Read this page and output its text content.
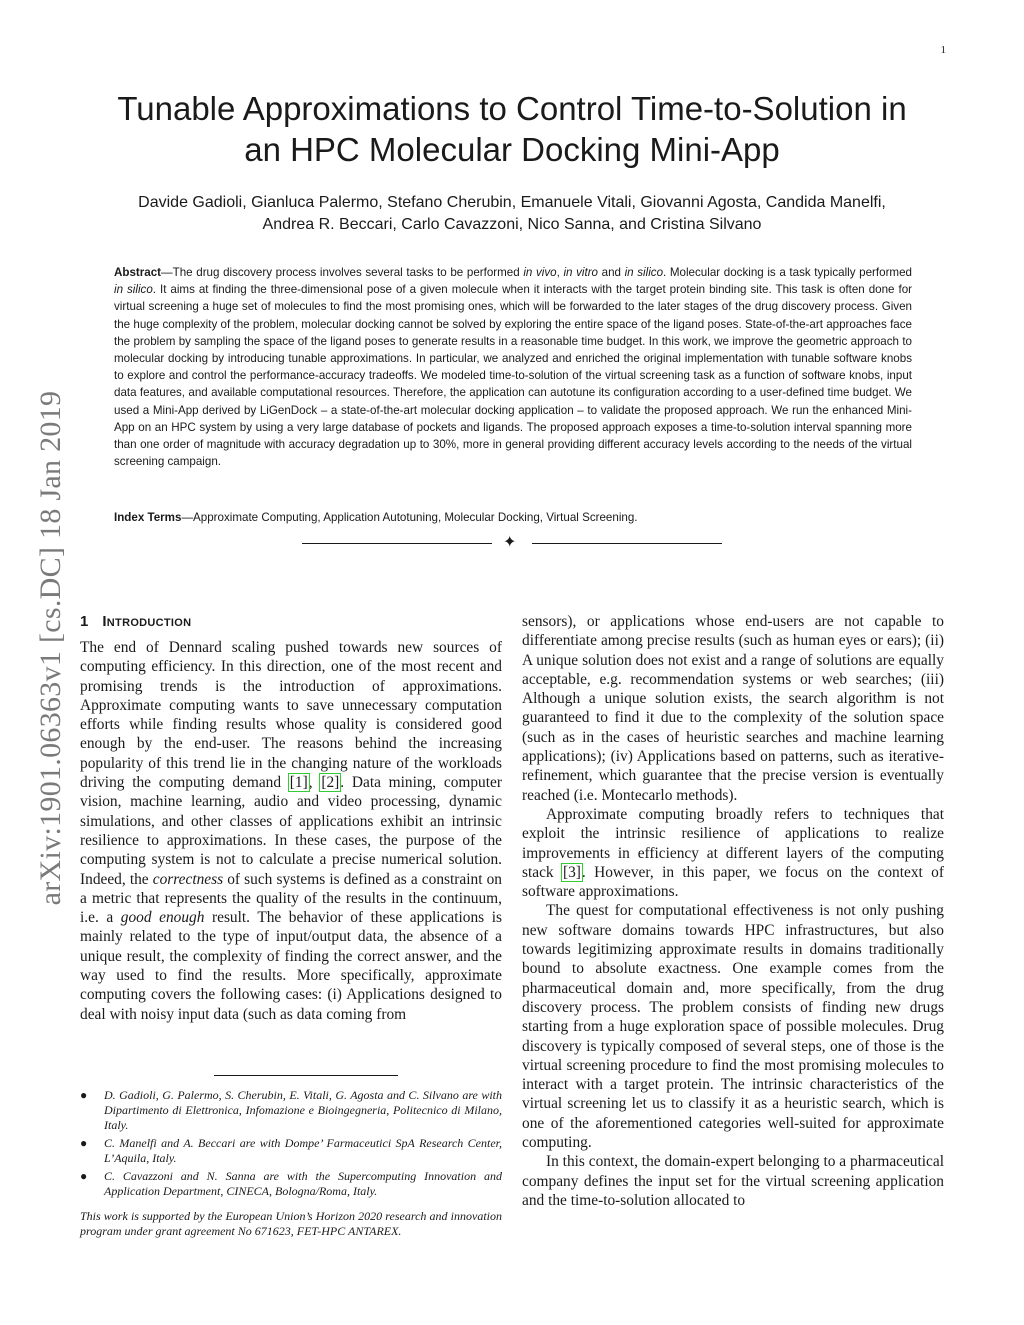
1
arXiv:1901.06363v1 [cs.DC] 18 Jan 2019
Tunable Approximations to Control Time-to-Solution in
an HPC Molecular Docking Mini-App
Davide Gadioli, Gianluca Palermo, Stefano Cherubin, Emanuele Vitali, Giovanni Agosta, Candida Manelfi,
Andrea R. Beccari, Carlo Cavazzoni, Nico Sanna, and Cristina Silvano
Abstract—The drug discovery process involves several tasks to be performed in vivo, in vitro and in silico. Molecular docking is a task typically performed in silico. It aims at finding the three-dimensional pose of a given molecule when it interacts with the target protein binding site. This task is often done for virtual screening a huge set of molecules to find the most promising ones, which will be forwarded to the later stages of the drug discovery process. Given the huge complexity of the problem, molecular docking cannot be solved by exploring the entire space of the ligand poses. State-of-the-art approaches face the problem by sampling the space of the ligand poses to generate results in a reasonable time budget. In this work, we improve the geometric approach to molecular docking by introducing tunable approximations. In particular, we analyzed and enriched the original implementation with tunable software knobs to explore and control the performance-accuracy tradeoffs. We modeled time-to-solution of the virtual screening task as a function of software knobs, input data features, and available computational resources. Therefore, the application can autotune its configuration according to a user-defined time budget. We used a Mini-App derived by LiGenDock – a state-of-the-art molecular docking application – to validate the proposed approach. We run the enhanced Mini-App on an HPC system by using a very large database of pockets and ligands. The proposed approach exposes a time-to-solution interval spanning more than one order of magnitude with accuracy degradation up to 30%, more in general providing different accuracy levels according to the needs of the virtual screening campaign.
Index Terms—Approximate Computing, Application Autotuning, Molecular Docking, Virtual Screening.
✦
1 Introduction

The end of Dennard scaling pushed towards new sources of computing efficiency. In this direction, one of the most recent and promising trends is the introduction of approximations. Approximate computing wants to save unnecessary computation efforts while finding results whose quality is considered good enough by the end-user. The reasons behind the increasing popularity of this trend lie in the changing nature of the workloads driving the computing demand [1], [2]. Data mining, computer vision, machine learning, audio and video processing, dynamic simulations, and other classes of applications exhibit an intrinsic resilience to approximations. In these cases, the purpose of the computing system is not to calculate a precise numerical solution. Indeed, the correctness of such systems is defined as a constraint on a metric that represents the quality of the results in the continuum, i.e. a good enough result. The behavior of these applications is mainly related to the type of input/output data, the absence of a unique result, the complexity of finding the correct answer, and the way used to find the results. More specifically, approximate computing covers the following cases: (i) Applications designed to deal with noisy input data (such as data coming from

● D. Gadioli, G. Palermo, S. Cherubin, E. Vitali, G. Agosta and C. Silvano are with Dipartimento di Elettronica, Infomazione e Bioingegneria, Politecnico di Milano, Italy.
● C. Manelfi and A. Beccari are with Dompe’ Farmaceutici SpA Research Center, L’Aquila, Italy.
● C. Cavazzoni and N. Sanna are with the Supercomputing Innovation and Application Department, CINECA, Bologna/Roma, Italy.
This work is supported by the European Union’s Horizon 2020 research and innovation program under grant agreement No 671623, FET-HPC ANTAREX.

sensors), or applications whose end-users are not capable to differentiate among precise results (such as human eyes or ears); (ii) A unique solution does not exist and a range of solutions are equally acceptable, e.g. recommendation systems or web searches; (iii) Although a unique solution exists, the search algorithm is not guaranteed to find it due to the complexity of the solution space (such as in the cases of heuristic searches and machine learning applications); (iv) Applications based on patterns, such as iterative-refinement, which guarantee that the precise version is eventually reached (i.e. Montecarlo methods).

Approximate computing broadly refers to techniques that exploit the intrinsic resilience of applications to realize improvements in efficiency at different layers of the computing stack [3]. However, in this paper, we focus on the context of software approximations.

The quest for computational effectiveness is not only pushing new software domains towards HPC infrastructures, but also towards legitimizing approximate results in domains traditionally bound to absolute exactness. One example comes from the pharmaceutical domain and, more specifically, from the drug discovery process. The problem consists of finding new drugs starting from a huge exploration space of possible molecules. Drug discovery is typically composed of several steps, one of those is the virtual screening procedure to find the most promising molecules to interact with a target protein. The intrinsic characteristics of the virtual screening let us to classify it as a heuristic search, which is one of the aforementioned categories well-suited for approximate computing.

In this context, the domain-expert belonging to a pharmaceutical company defines the input set for the virtual screening application and the time-to-solution allocated to
